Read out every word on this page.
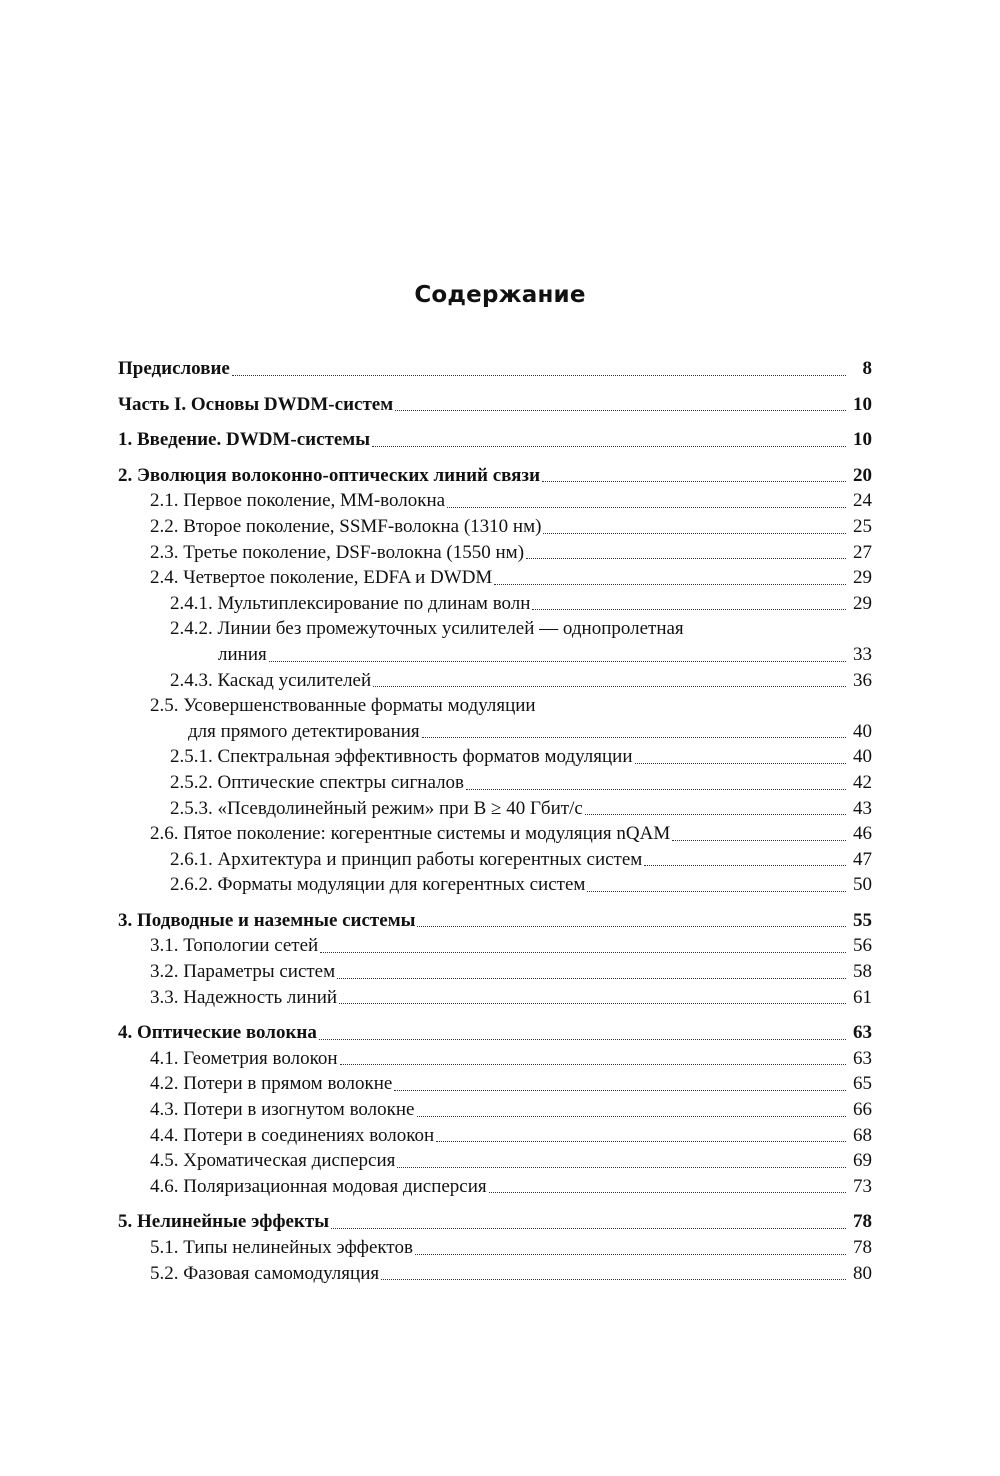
Содержание
Предисловие	8
Часть I. Основы DWDM-систем	10
1. Введение. DWDM-системы	10
2. Эволюция волоконно-оптических линий связи	20
2.1. Первое поколение, MM-волокна	24
2.2. Второе поколение, SSMF-волокна (1310 нм)	25
2.3. Третье поколение, DSF-волокна (1550 нм)	27
2.4. Четвертое поколение, EDFA и DWDM	29
2.4.1. Мультиплексирование по длинам волн	29
2.4.2. Линии без промежуточных усилителей — однопролетная
линия	33
2.4.3. Каскад усилителей	36
2.5. Усовершенствованные форматы модуляции
для прямого детектирования	40
2.5.1. Спектральная эффективность форматов модуляции	40
2.5.2. Оптические спектры сигналов	42
2.5.3. «Псевдолинейный режим» при B ≥ 40 Гбит/с	43
2.6. Пятое поколение: когерентные системы и модуляция nQAM	46
2.6.1. Архитектура и принцип работы когерентных систем	47
2.6.2. Форматы модуляции для когерентных систем	50
3. Подводные и наземные системы	55
3.1. Топологии сетей	56
3.2. Параметры систем	58
3.3. Надежность линий	61
4. Оптические волокна	63
4.1. Геометрия волокон	63
4.2. Потери в прямом волокне	65
4.3. Потери в изогнутом волокне	66
4.4. Потери в соединениях волокон	68
4.5. Хроматическая дисперсия	69
4.6. Поляризационная модовая дисперсия	73
5. Нелинейные эффекты	78
5.1. Типы нелинейных эффектов	78
5.2. Фазовая самомодуляция	80
